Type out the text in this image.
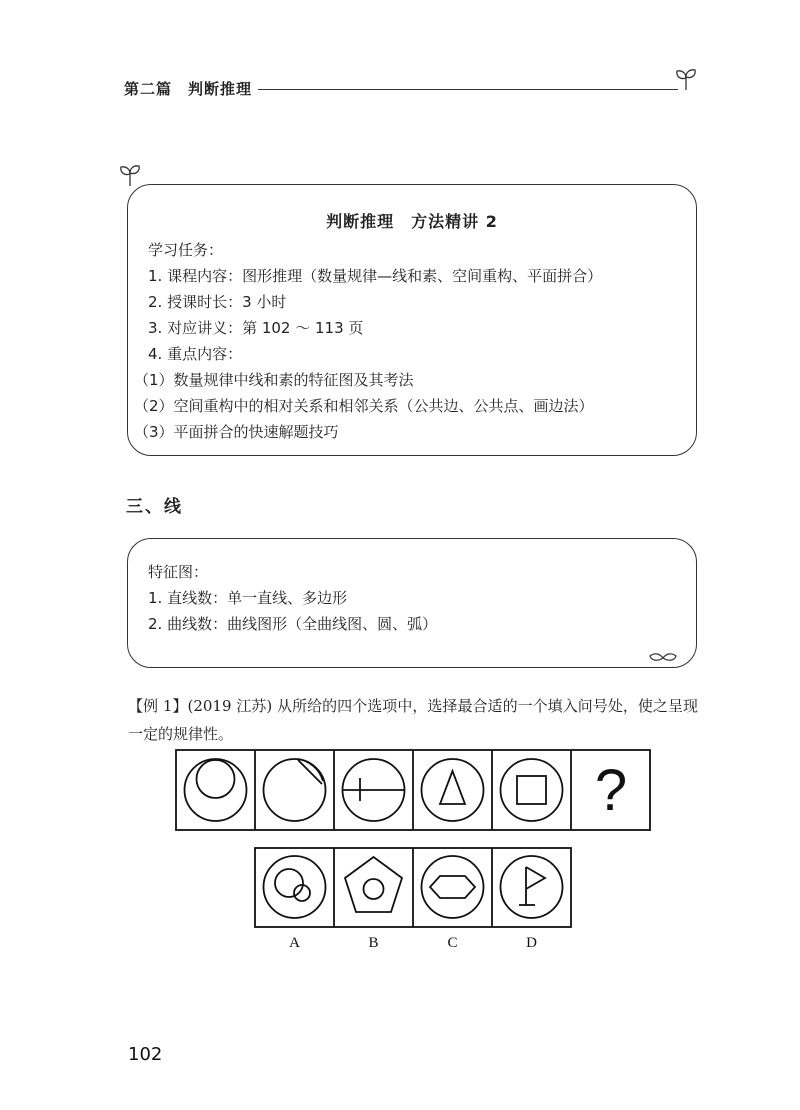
第二篇　判断推理
判断推理　方法精讲 2
学习任务：
1. 课程内容：图形推理（数量规律—线和素、空间重构、平面拼合）
2. 授课时长：3 小时
3. 对应讲义：第 102 ～ 113 页
4. 重点内容：
（1）数量规律中线和素的特征图及其考法
（2）空间重构中的相对关系和相邻关系（公共边、公共点、画边法）
（3）平面拼合的快速解题技巧
三、线
特征图：
1. 直线数：单一直线、多边形
2. 曲线数：曲线图形（全曲线图、圆、弧）
【例 1】(2019 江苏) 从所给的四个选项中，选择最合适的一个填入问号处，使之呈现一定的规律性。
?
A	B	C	D
102
